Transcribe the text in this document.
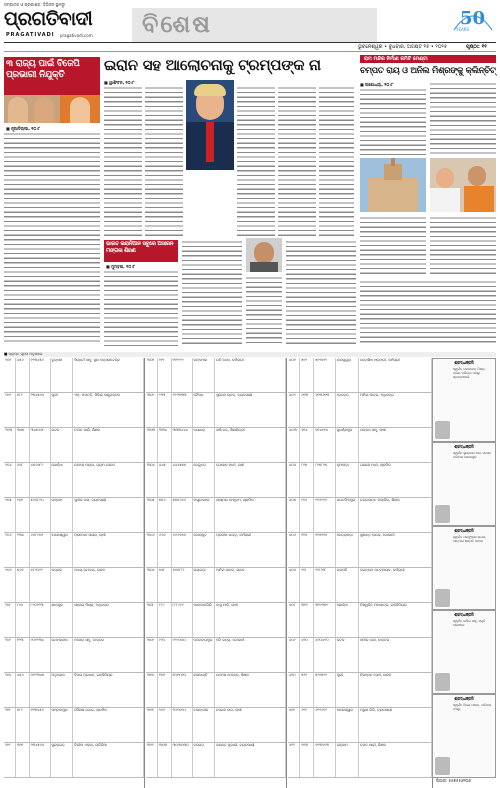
ସମ୍ପାଦକ ଓ ପ୍ରକାଶକ: ବିଭିନ୍ନ ସ୍ଥାନରୁ
ପ୍ରଗତିବାଦୀ
PRAGATIVADI pragativadi.com ବିଶେଷ	50
YEARS
ଭୁବନେଶ୍ୱର • ବୁଧବାର, ଅଗଷ୍ଟ ୧୫ • ୨୦୨୫	ପୃଷ୍ଠା: ୧୧
୩ ରାଜ୍ୟ ପାଇଁ ବିଜେପି ପ୍ରଭାରୀ ନିଯୁକ୍ତି
■ ନୂଆଦିଲ୍ଲୀ, ୧୦।୮
ଇରାନ ସହ ଆଲୋଚନାକୁ ଟ୍ରମ୍ପଙ୍କ ନା
■ ୱାଶିଂଟନ, ୧୦।୮
ରାମ ମନ୍ଦିର ନିର୍ମାଣ କମିଟି ମେଣ୍ଟା
ଚମ୍ପତ ରାୟ ଓ ଅନିଲ ମିଶ୍ରଙ୍କୁ କ୍ଲିନ୍‌ଚିଟ୍
■ ଅଯୋଧ୍ୟା, ୧୦।୮
ଭାରତ ଇରାନିଆନ ସବୁରେ ଅସାରନ ମଙ୍ଗଳା ଶିରଣ
■ ମୁମ୍ବଇ, ୧୦।୮
■ ପ୍ରାପ୍ତ ସୂଚନା ଅନୁସାରେ
୨୦୧	୪୫୬	୧୨୩୪୫୬	ବୁଦ୍ଧାମ	ସିଦ୍ଧାର୍ଥ ସାହୁ, ସୁନା କନ୍ସଲଟେଣ୍ଟ
୨୦୨	୭୮୯	୨୩୪୫୬୭	ପୁରୀ	ଏମ୍. ମହାନ୍ତି, ସିଭିଲ୍ କଣ୍ଟ୍ରାକ୍ଟର
୨୦୩	୩୪୫	୩୪୫୬୭୮	କଟକ	ନବୀନ ପାଣି, ଶିକ୍ଷକ
୨୦୪	୬୭୮	୪୫୬୭୮୯	ଖୋର୍ଦ୍ଧା	ରମେଶ ପଣ୍ଡା, ଗ୍ରାମ ସେବକ
୨୦୫	୯୦୧	୫୬୭୮୯୦	ଗଞ୍ଜାମ	ସୁଧୀର ଦାସ, ବ୍ୟବସାୟୀ
୨୦୬	୨୩୪	୬୭୮୯୦୧	ବାଲେଶ୍ୱର	ପ୍ରମୋଦ ନାୟକ, ଚାଷୀ
୨୦୭	୫୬୭	୭୮୯୦୧୨	ଭଦ୍ରକ	ଅଜୟ ବେହେରା, ଚାଳକ
୨୦୮	୮୯୦	୮୯୦୧୨୩	ଯାଜପୁର	ସଞ୍ଜୟ ମିଶ୍ର, ଅଧିବକ୍ତା
୨୦୯	୧୨୩	୯୦୧୨୩୪	ଢେଙ୍କାନାଳ	ମନୋଜ ସାହୁ, ଡାକ୍ତର
୨୧୦	୪୫୬	୦୧୨୩୪୫	ଅନୁଗୋଳ	ବିଜୟ ପ୍ରଧାନ, ଇଞ୍ଜିନିୟର
୨୧୧	୭୮୯	୧୨୩୪୫୬	ସମ୍ବଲପୁର	କୈଳାଶ ଭୋଇ, ଶ୍ରମିକ
୨୧୨	୩୨୧	୨୩୪୫୬୭	ସୁନ୍ଦରଗଡ଼	ଦିଲୀପ ଏକ୍କା, ଚାକିରିଆ
୩୦୧	୧୧୨	୧୧୧୨୨୨	କନ୍ଧମାଳ	ରବି ଜେନା, କର୍ମଚାରୀ
୩୦୨	୨୨୩	୨୨୨୩୩୩	ବୌଦ୍ଧ	ସୁରେଶ ରାଉତ, ବ୍ୟବସାୟୀ
୩୦୩	୩୩୪	୩୩୩୪୪୪	ନୟାଗଡ଼	ଶଶି ନନ୍ଦ, ଶିକ୍ଷୟିତ୍ରୀ
୩୦୪	୪୪୫	୪୪୪୫୫୫	କେନ୍ଦୁଝର	ଗୋପାଳ ମାଝୀ, ଚାଷୀ
୩୦୫	୫୫୬	୫୫୫୬୬୬	ମୟୂରଭଞ୍ଜ	ଲକ୍ଷ୍ମଣ ହେମ୍ବ୍ରମ, ଶ୍ରମିକ
୩୦୬	୬୬୭	୬୬୬୭୭୭	କୋରାପୁଟ	ପ୍ରଦୀପ ଗଉଡ଼, କର୍ମଚାରୀ
୩୦୭	୭୭୮	୭୭୭୮୮୮	ରାୟଗଡ଼ା	ଅନିଲ ସାବର, ଚାଳକ
୩୦୮	୮୮୯	୮୮୮୯୯୯	ମାଲକାନଗିରି	ବାସୁ ମାଡ଼ି, ଚାଷୀ
୩୦୯	୯୯୦	୯୯୯୦୦୦	ନବରଙ୍ଗପୁର	ହରି ଭତ୍ରା, ଦୋକାନୀ
୩୧୦	୧୦୧	୧୦୧୦୧୦	କଳାହାଣ୍ଡି	ଉମେଶ ମେହେର, ଶିକ୍ଷକ
୩୧୧	୨୦୨	୨୦୨୦୨୦	ବଲାଙ୍ଗୀର	ନରେଶ ବାଗ, ଚାଷୀ
୩୧୨	୩୦୩	୩୦୩୦୩୦	ବରଗଡ଼	ଜୟନ୍ତ ପୁଜାରୀ, ବ୍ୟବସାୟୀ
୪୦୧	୫୧୨	୫୧୨୫୧୨	ଝାରସୁଗୁଡ଼ା	ଦେବାଶିଷ ଷଡ଼ଙ୍ଗୀ, କର୍ମଚାରୀ
୪୦୨	୬୧୩	୬୧୩୬୧୩	ଦେବଗଡ଼	ଅମିୟ ପାତ୍ର, ଅଧିବକ୍ତା
୪୦୩	୭୧୪	୭୧୪୭୧୪	ସୁବର୍ଣ୍ଣପୁର	ପଙ୍କଜ ସାହୁ, ଚାଷୀ
୪୦୪	୮୧୫	୮୧୫୮୧୫	ନୂଆପଡ଼ା	ଗଣେଶ ମାଝୀ, ଶ୍ରମିକ
୪୦୫	୯୧୬	୯୧୬୯୧୬	ଜଗତସିଂହପୁର	ଚନ୍ଦ୍ରକାନ୍ତ ମଲ୍ଲିକ, ଶିକ୍ଷକ
୪୦୬	୧୧୭	୧୧୭୧୧୭	କେନ୍ଦ୍ରାପଡ଼ା	ସୁଶାନ୍ତ ରାଉଳ, ଦୋକାନୀ
୪୦୭	୨୧୮	୨୧୮୨୧୮	ଗଜପତି	ଜଗନ୍ନାଥ ପଟ୍ଟନାୟକ, କର୍ମଚାରୀ
୪୦୮	୩୧୯	୩୧୯୩୧୯	ଖୋର୍ଦ୍ଧା	ବିଶ୍ୱଜିତ୍ ମହାପାତ୍ର, ଇଞ୍ଜିନିୟର
୪୦୯	୪୨୦	୪୨୦୪୨୦	କଟକ	ସମୀର ଦାଶ, ଡାକ୍ତର
୪୧୦	୫୨୧	୫୨୧୫୨୧	ପୁରୀ	ନିରଞ୍ଜନ ସେଠୀ, ଚାଳକ
୪୧୧	୬୨୨	୬୨୨୬୨୨	ବାଲେଶ୍ୱର	ଅରୁଣ ଗିରି, ବ୍ୟବସାୟୀ
୪୧୨	୭୨୩	୭୨୩୭୨୩	ଗଞ୍ଜାମ	ତପନ ପାଢ଼ୀ, ଶିକ୍ଷକ
ଶ୍ରଦ୍ଧାଞ୍ଜଳି
ସ୍ୱର୍ଗତ ରମାକାନ୍ତ ମିଶ୍ର, ପ୍ରିୟ ପରିବାର ପକ୍ଷରୁ ଶ୍ରଦ୍ଧାଞ୍ଜଳି
ଶ୍ରଦ୍ଧାଞ୍ଜଳି
ସ୍ୱର୍ଗତ ସୁଲୋଚନା ଦାସ, ସମସ୍ତ ପରିବାର ଶୋକାକୁଳ
ଶ୍ରଦ୍ଧାଞ୍ଜଳି
ସ୍ୱର୍ଗତ ପ୍ରଫୁଲ୍ଲ ନାୟକ, ଆତ୍ମାର ସଦ୍‌ଗତି କାମନା
ଶ୍ରଦ୍ଧାଞ୍ଜଳି
ସ୍ୱର୍ଗତ ଲଳିତା ସାହୁ, ସ୍ମୃତି ଚାରଣରେ
ଶ୍ରଦ୍ଧାଞ୍ଜଳି
ସ୍ୱର୍ଗତ ବିଜୟ ପଣ୍ଡା, ପରିବାର ପକ୍ଷରୁ
ପିଆର୍: ୫୫୭୫୫୬୨୦୬
